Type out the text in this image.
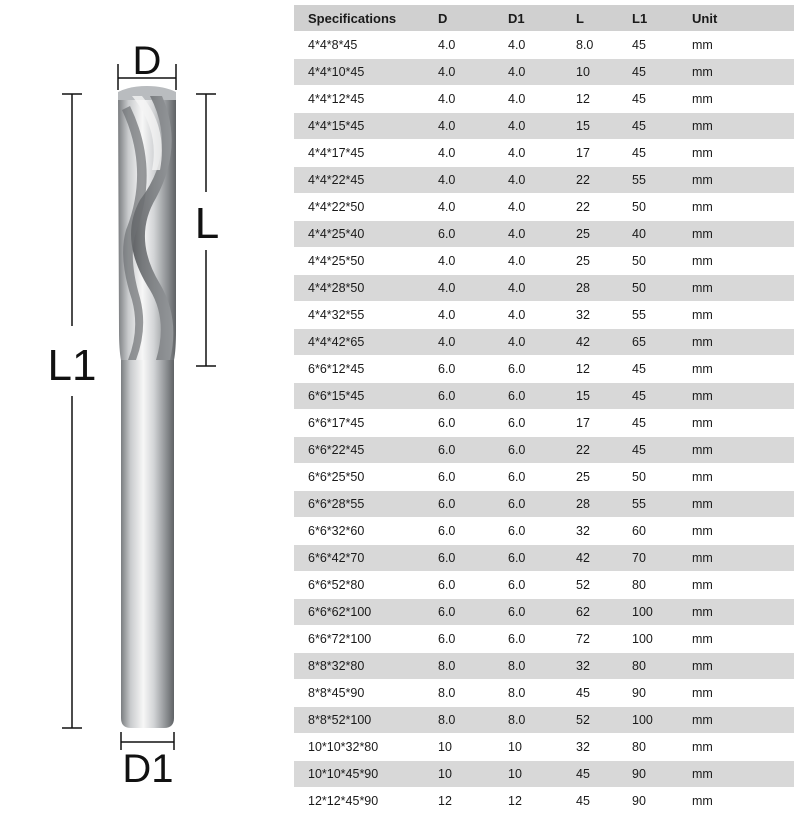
D
D1
L
L1
Specifications	D	D1	L	L1	Unit
4*4*8*45	4.0	4.0	8.0	45	mm
4*4*10*45	4.0	4.0	10	45	mm
4*4*12*45	4.0	4.0	12	45	mm
4*4*15*45	4.0	4.0	15	45	mm
4*4*17*45	4.0	4.0	17	45	mm
4*4*22*45	4.0	4.0	22	55	mm
4*4*22*50	4.0	4.0	22	50	mm
4*4*25*40	6.0	4.0	25	40	mm
4*4*25*50	4.0	4.0	25	50	mm
4*4*28*50	4.0	4.0	28	50	mm
4*4*32*55	4.0	4.0	32	55	mm
4*4*42*65	4.0	4.0	42	65	mm
6*6*12*45	6.0	6.0	12	45	mm
6*6*15*45	6.0	6.0	15	45	mm
6*6*17*45	6.0	6.0	17	45	mm
6*6*22*45	6.0	6.0	22	45	mm
6*6*25*50	6.0	6.0	25	50	mm
6*6*28*55	6.0	6.0	28	55	mm
6*6*32*60	6.0	6.0	32	60	mm
6*6*42*70	6.0	6.0	42	70	mm
6*6*52*80	6.0	6.0	52	80	mm
6*6*62*100	6.0	6.0	62	100	mm
6*6*72*100	6.0	6.0	72	100	mm
8*8*32*80	8.0	8.0	32	80	mm
8*8*45*90	8.0	8.0	45	90	mm
8*8*52*100	8.0	8.0	52	100	mm
10*10*32*80	10	10	32	80	mm
10*10*45*90	10	10	45	90	mm
12*12*45*90	12	12	45	90	mm
